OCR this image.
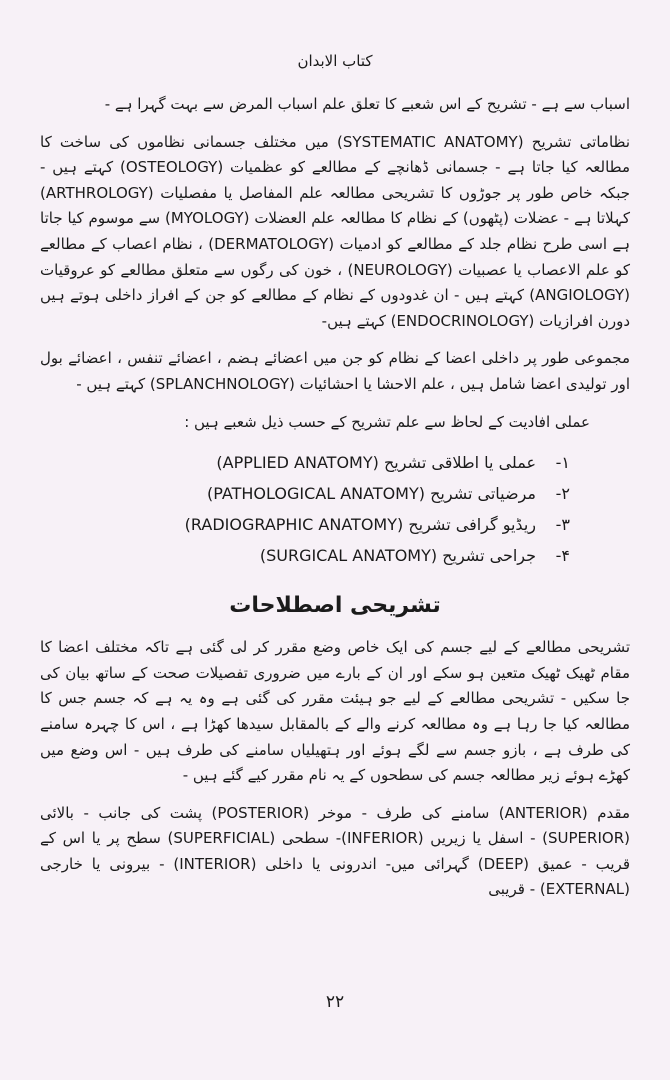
کتاب الابدان

اسباب سے ہے - تشریح کے اس شعبے کا تعلق علم اسباب المرض سے بہت گہرا ہے -

نظاماتی تشریح (SYSTEMATIC ANATOMY) میں مختلف جسمانی نظاموں کی ساخت کا مطالعہ کیا جاتا ہے - جسمانی ڈھانچے کے مطالعے کو عظمیات (OSTEOLOGY) کہتے ہیں - جبکہ خاص طور پر جوڑوں کا تشریحی مطالعہ علم المفاصل یا مفصلیات (ARTHROLOGY) کہلاتا ہے - عضلات (پٹھوں) کے نظام کا مطالعہ علم العضلات (MYOLOGY) سے موسوم کیا جاتا ہے اسی طرح نظام جلد کے مطالعے کو ادمیات (DERMATOLOGY) ، نظام اعصاب کے مطالعے کو علم الاعصاب یا عصبیات (NEUROLOGY) ، خون کی رگوں سے متعلق مطالعے کو عروقیات (ANGIOLOGY) کہتے ہیں - ان غدودوں کے نظام کے مطالعے کو جن کے افراز داخلی ہوتے ہیں دورن افرازیات (ENDOCRINOLOGY) کہتے ہیں-

مجموعی طور پر داخلی اعضا کے نظام کو جن میں اعضائے ہضم ، اعضائے تنفس ، اعضائے بول اور تولیدی اعضا شامل ہیں ، علم الاحشا یا احشائیات (SPLANCHNOLOGY) کہتے ہیں -

عملی افادیت کے لحاظ سے علم تشریح کے حسب ذیل شعبے ہیں :

۱-
عملی یا اطلاقی تشریح (APPLIED ANATOMY)
۲-
مرضیاتی تشریح (PATHOLOGICAL ANATOMY)
۳-
ریڈیو گرافی تشریح (RADIOGRAPHIC ANATOMY)
۴-
جراحی تشریح (SURGICAL ANATOMY)
تشریحی اصطلاحات

تشریحی مطالعے کے لیے جسم کی ایک خاص وضع مقرر کر لی گئی ہے تاکہ مختلف اعضا کا مقام ٹھیک ٹھیک متعین ہو سکے اور ان کے بارے میں ضروری تفصیلات صحت کے ساتھ بیان کی جا سکیں - تشریحی مطالعے کے لیے جو ہیئت مقرر کی گئی ہے وہ یہ ہے کہ جسم جس کا مطالعہ کیا جا رہا ہے وہ مطالعہ کرنے والے کے بالمقابل سیدھا کھڑا ہے ، اس کا چہرہ سامنے کی طرف ہے ، بازو جسم سے لگے ہوئے اور ہتھیلیاں سامنے کی طرف ہیں - اس وضع میں کھڑے ہوئے زیر مطالعہ جسم کی سطحوں کے یہ نام مقرر کیے گئے ہیں -

مقدم (ANTERIOR) سامنے کی طرف - موخر (POSTERIOR) پشت کی جانب - بالائی (SUPERIOR) - اسفل یا زیریں (INFERIOR)- سطحی (SUPERFICIAL) سطح پر یا اس کے قریب - عمیق (DEEP) گہرائی میں- اندرونی یا داخلی (INTERIOR) - بیرونی یا خارجی (EXTERNAL) - قریبی

۲۲
